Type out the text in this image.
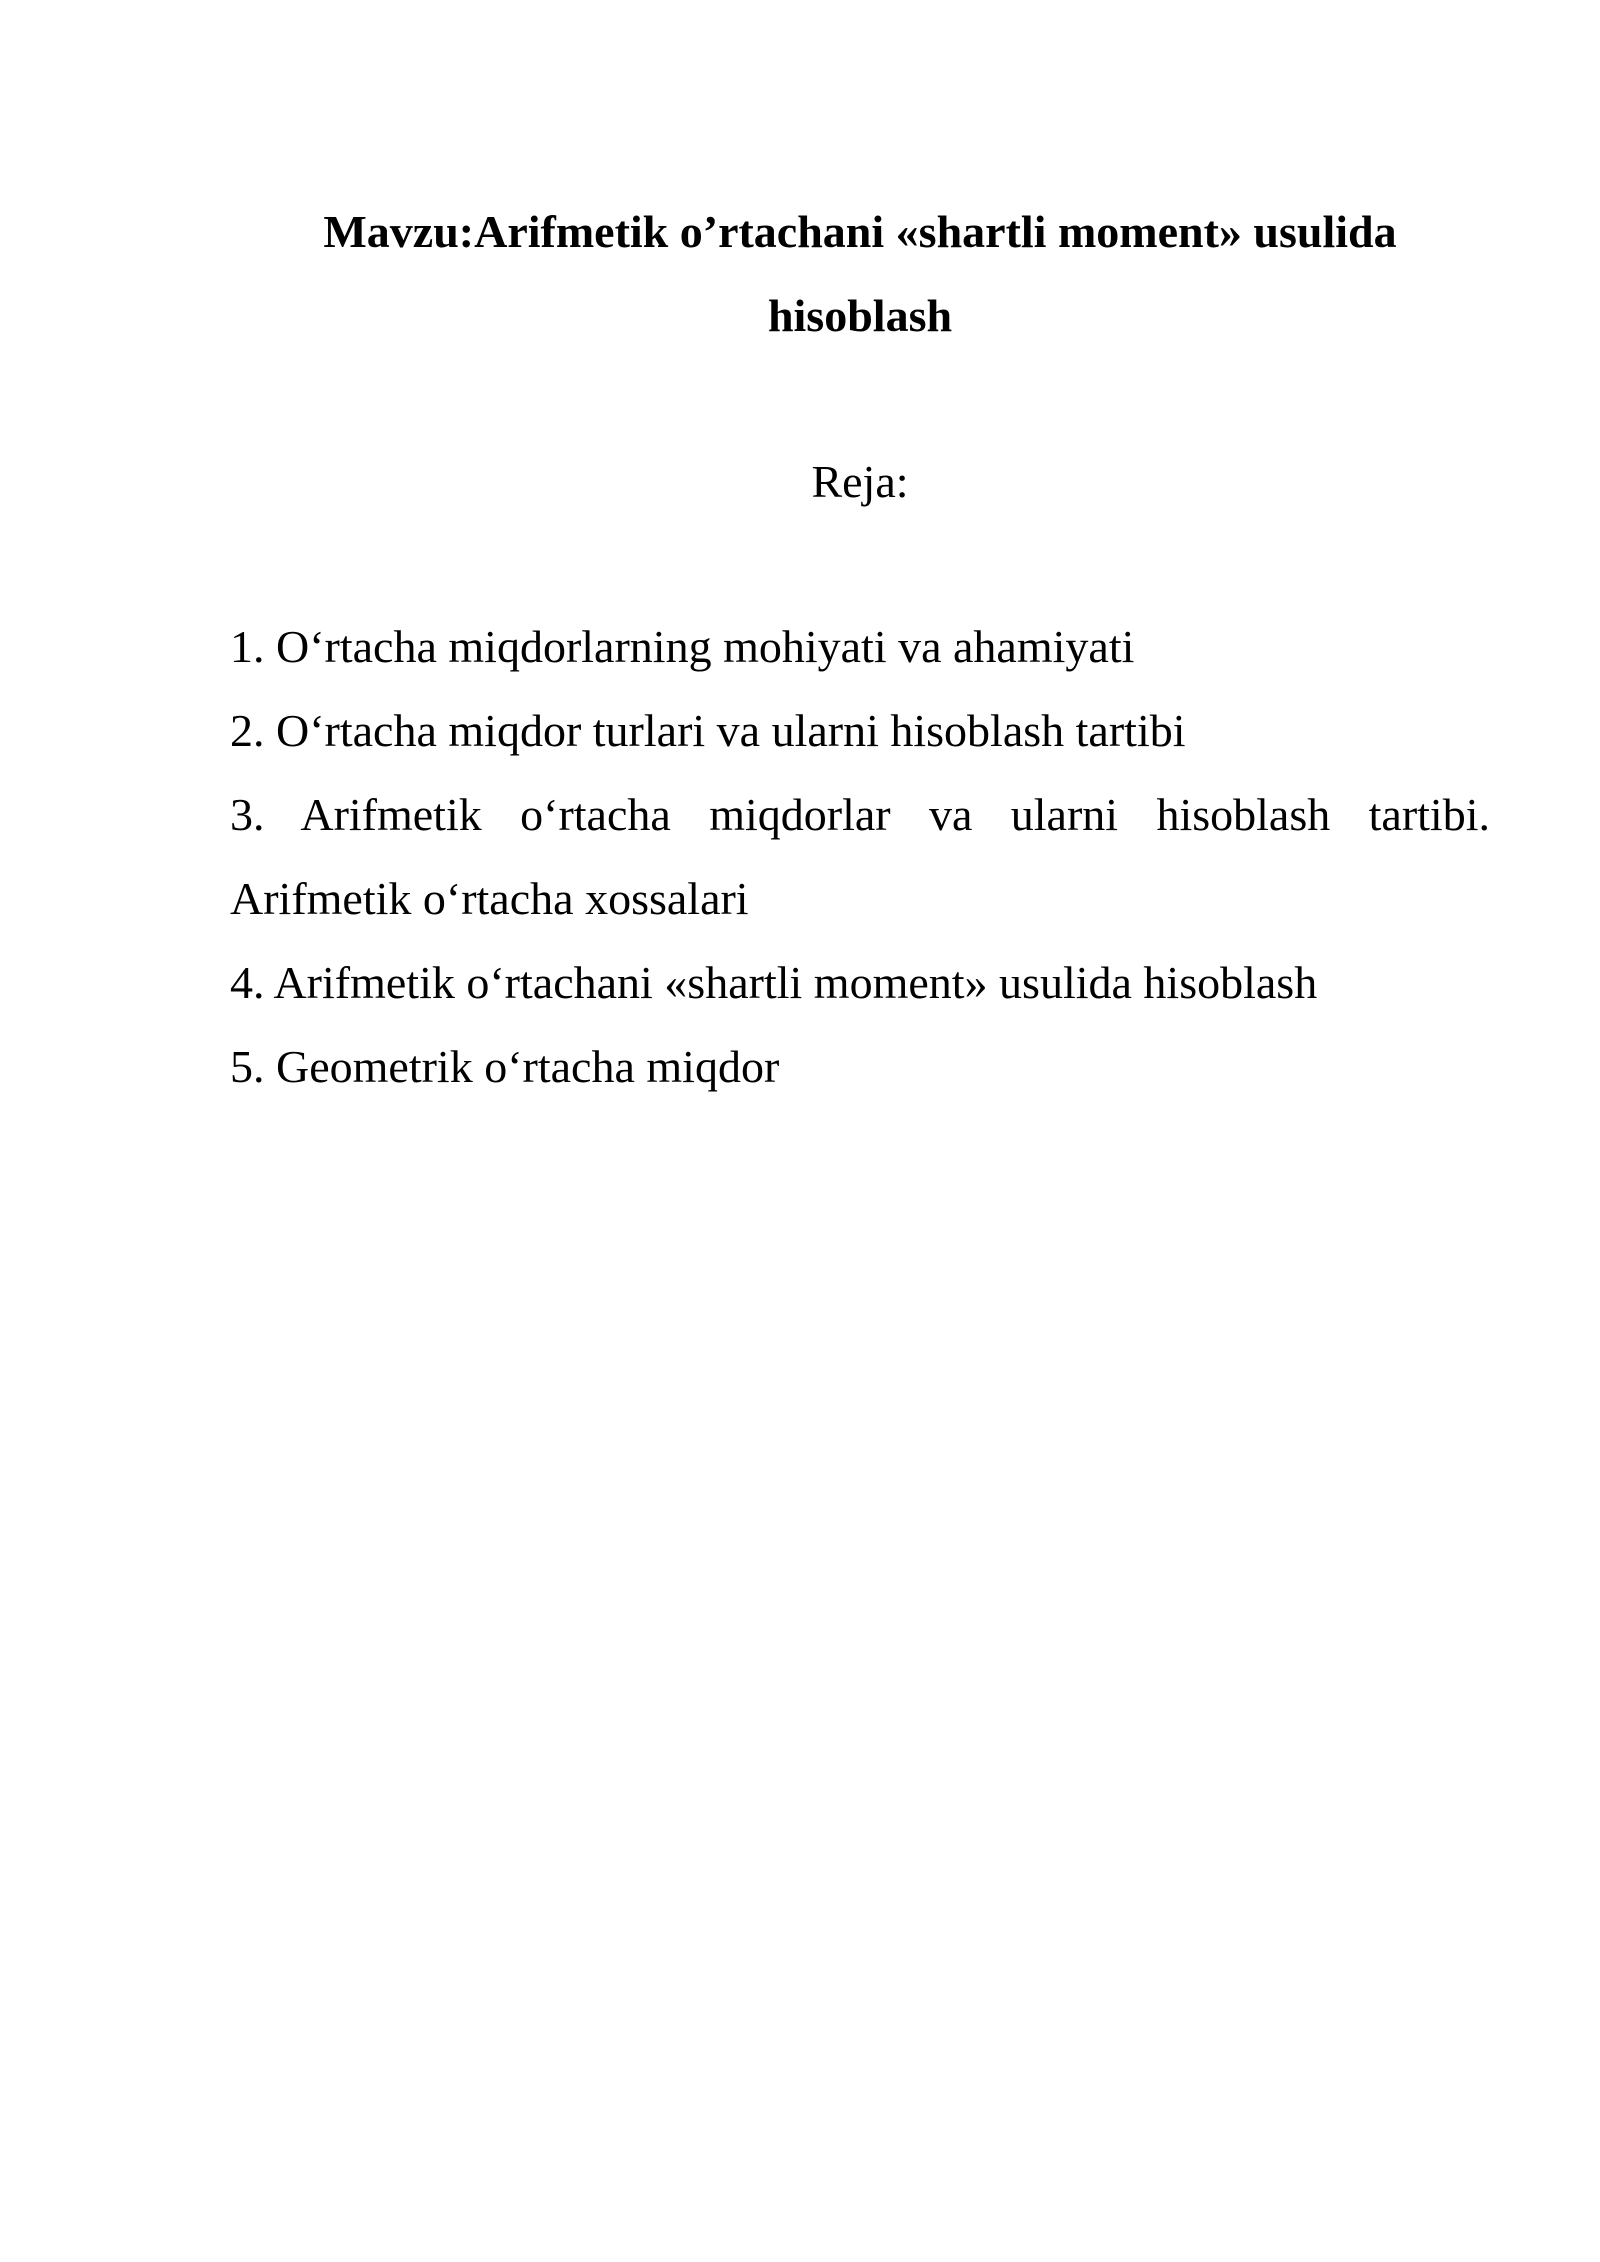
Mavzu:Arifmetik o’rtachani «shartli moment» usulida hisoblash

Reja:

1. O‘rtacha miqdorlarning mohiyati va ahamiyati
2. O‘rtacha miqdor turlari va ularni hisoblash tartibi
3. Arifmetik o‘rtacha miqdorlar va ularni hisoblash tartibi. Arifmetik o‘rtacha xossalari
4. Arifmetik o‘rtachani «shartli moment» usulida hisoblash
5. Geometrik o‘rtacha miqdor
